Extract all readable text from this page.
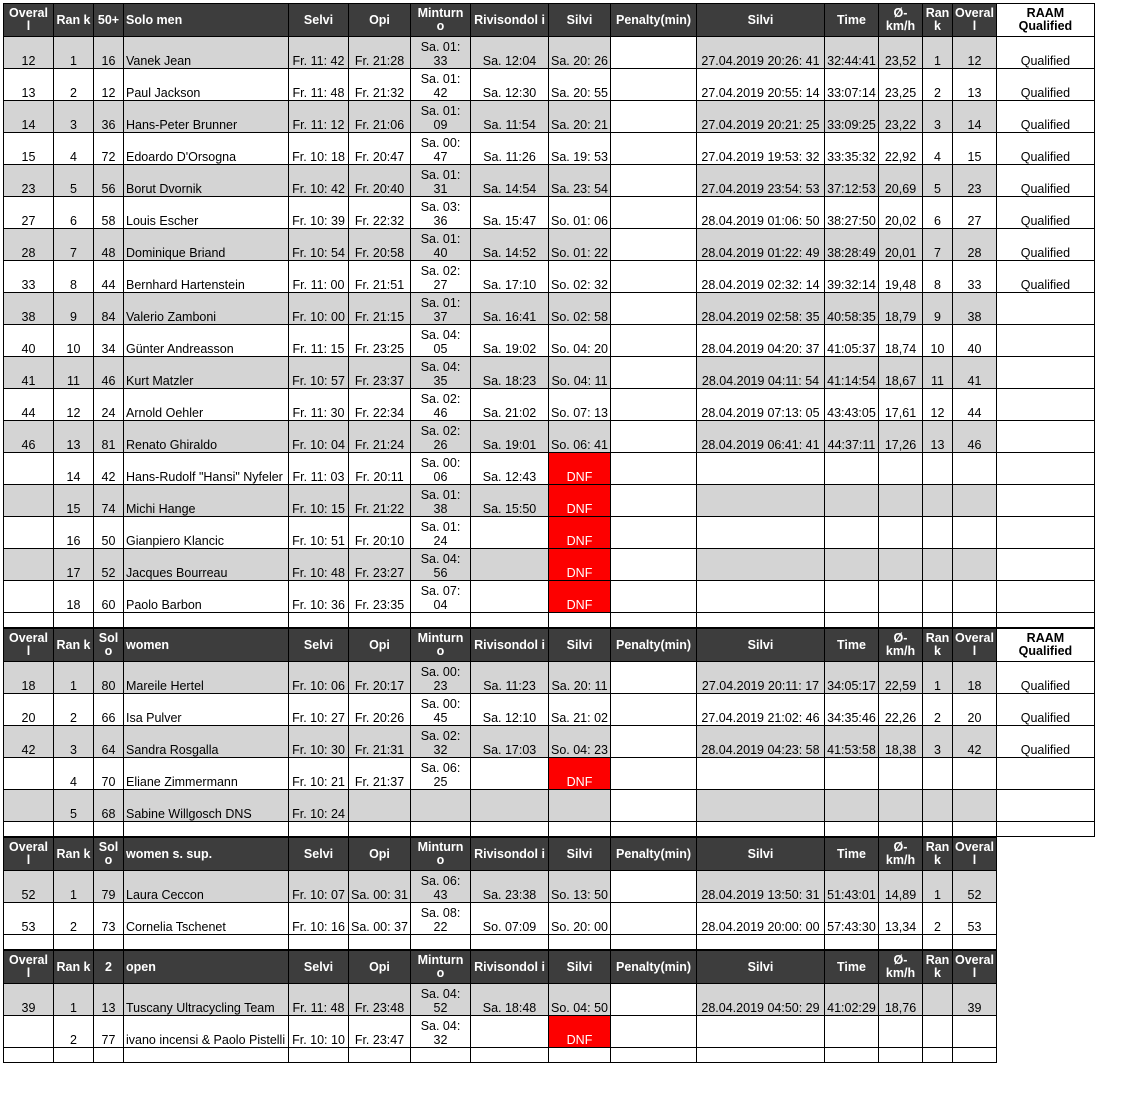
Overal l	Ran k	50+	Solo men	Selvi	Opi	Minturn o	Rivisondol i	Silvi	Penalty(min)	Silvi	Time	Ø-km/h	Ran k	Overal l	RAAM Qualified
12	1	16	Vanek Jean	Fr. 11: 42	Fr. 21:28	Sa. 01: 33	Sa. 12:04	Sa. 20: 26		27.04.2019 20:26: 41	32:44:41	23,52	1	12	Qualified
13	2	12	Paul Jackson	Fr. 11: 48	Fr. 21:32	Sa. 01: 42	Sa. 12:30	Sa. 20: 55		27.04.2019 20:55: 14	33:07:14	23,25	2	13	Qualified
14	3	36	Hans-Peter Brunner	Fr. 11: 12	Fr. 21:06	Sa. 01: 09	Sa. 11:54	Sa. 20: 21		27.04.2019 20:21: 25	33:09:25	23,22	3	14	Qualified
15	4	72	Edoardo D'Orsogna	Fr. 10: 18	Fr. 20:47	Sa. 00: 47	Sa. 11:26	Sa. 19: 53		27.04.2019 19:53: 32	33:35:32	22,92	4	15	Qualified
23	5	56	Borut Dvornik	Fr. 10: 42	Fr. 20:40	Sa. 01: 31	Sa. 14:54	Sa. 23: 54		27.04.2019 23:54: 53	37:12:53	20,69	5	23	Qualified
27	6	58	Louis Escher	Fr. 10: 39	Fr. 22:32	Sa. 03: 36	Sa. 15:47	So. 01: 06		28.04.2019 01:06: 50	38:27:50	20,02	6	27	Qualified
28	7	48	Dominique Briand	Fr. 10: 54	Fr. 20:58	Sa. 01: 40	Sa. 14:52	So. 01: 22		28.04.2019 01:22: 49	38:28:49	20,01	7	28	Qualified
33	8	44	Bernhard Hartenstein	Fr. 11: 00	Fr. 21:51	Sa. 02: 27	Sa. 17:10	So. 02: 32		28.04.2019 02:32: 14	39:32:14	19,48	8	33	Qualified
38	9	84	Valerio Zamboni	Fr. 10: 00	Fr. 21:15	Sa. 01: 37	Sa. 16:41	So. 02: 58		28.04.2019 02:58: 35	40:58:35	18,79	9	38	
40	10	34	Günter Andreasson	Fr. 11: 15	Fr. 23:25	Sa. 04: 05	Sa. 19:02	So. 04: 20		28.04.2019 04:20: 37	41:05:37	18,74	10	40	
41	11	46	Kurt Matzler	Fr. 10: 57	Fr. 23:37	Sa. 04: 35	Sa. 18:23	So. 04: 11		28.04.2019 04:11: 54	41:14:54	18,67	11	41	
44	12	24	Arnold Oehler	Fr. 11: 30	Fr. 22:34	Sa. 02: 46	Sa. 21:02	So. 07: 13		28.04.2019 07:13: 05	43:43:05	17,61	12	44	
46	13	81	Renato Ghiraldo	Fr. 10: 04	Fr. 21:24	Sa. 02: 26	Sa. 19:01	So. 06: 41		28.04.2019 06:41: 41	44:37:11	17,26	13	46	
	14	42	Hans-Rudolf "Hansi" Nyfeler	Fr. 11: 03	Fr. 20:11	Sa. 00: 06	Sa. 12:43	DNF							
	15	74	Michi Hange	Fr. 10: 15	Fr. 21:22	Sa. 01: 38	Sa. 15:50	DNF							
	16	50	Gianpiero Klancic	Fr. 10: 51	Fr. 20:10	Sa. 01: 24		DNF							
	17	52	Jacques Bourreau	Fr. 10: 48	Fr. 23:27	Sa. 04: 56		DNF							
	18	60	Paolo Barbon	Fr. 10: 36	Fr. 23:35	Sa. 07: 04		DNF							

Overal l	Ran k	Sol o	women	Selvi	Opi	Minturn o	Rivisondol i	Silvi	Penalty(min)	Silvi	Time	Ø-km/h	Ran k	Overal l	RAAM Qualified
18	1	80	Mareile Hertel	Fr. 10: 06	Fr. 20:17	Sa. 00: 23	Sa. 11:23	Sa. 20: 11		27.04.2019 20:11: 17	34:05:17	22,59	1	18	Qualified
20	2	66	Isa Pulver	Fr. 10: 27	Fr. 20:26	Sa. 00: 45	Sa. 12:10	Sa. 21: 02		27.04.2019 21:02: 46	34:35:46	22,26	2	20	Qualified
42	3	64	Sandra Rosgalla	Fr. 10: 30	Fr. 21:31	Sa. 02: 32	Sa. 17:03	So. 04: 23		28.04.2019 04:23: 58	41:53:58	18,38	3	42	Qualified
	4	70	Eliane Zimmermann	Fr. 10: 21	Fr. 21:37	Sa. 06: 25		DNF							
	5	68	Sabine Willgosch DNS	Fr. 10: 24											

Overal l	Ran k	Sol o	women s. sup.	Selvi	Opi	Minturn o	Rivisondol i	Silvi	Penalty(min)	Silvi	Time	Ø-km/h	Ran k	Overal l
52	1	79	Laura Ceccon	Fr. 10: 07	Sa. 00: 31	Sa. 06: 43	Sa. 23:38	So. 13: 50		28.04.2019 13:50: 31	51:43:01	14,89	1	52
53	2	73	Cornelia Tschenet	Fr. 10: 16	Sa. 00: 37	Sa. 08: 22	So. 07:09	So. 20: 00		28.04.2019 20:00: 00	57:43:30	13,34	2	53

Overal l	Ran k	2	open	Selvi	Opi	Minturn o	Rivisondol i	Silvi	Penalty(min)	Silvi	Time	Ø-km/h	Ran k	Overal l
39	1	13	Tuscany Ultracycling Team	Fr. 11: 48	Fr. 23:48	Sa. 04: 52	Sa. 18:48	So. 04: 50		28.04.2019 04:50: 29	41:02:29	18,76		39
	2	77	ivano incensi & Paolo Pistelli	Fr. 10: 10	Fr. 23:47	Sa. 04: 32		DNF						
